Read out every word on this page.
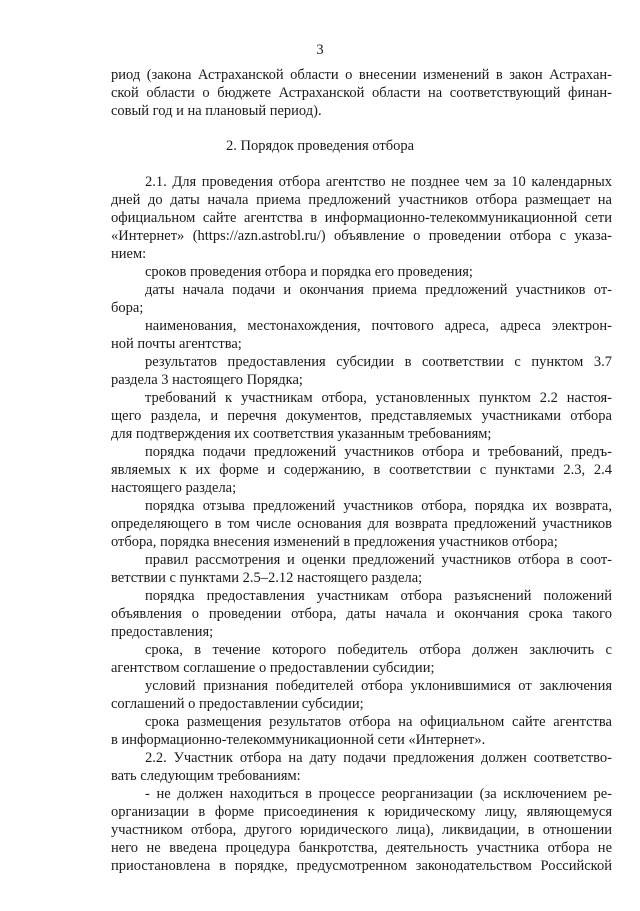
3
риод (закона Астраханской области о внесении изменений в закон Астрахан-
ской области о бюджете Астраханской области на соответствующий финан-
совый год и на плановый период).
2. Порядок проведения отбора
2.1. Для проведения отбора агентство не позднее чем за 10 календарных
дней до даты начала приема предложений участников отбора размещает на
официальном сайте агентства в информационно-телекоммуникационной сети
«Интернет» (https://azn.astrobl.ru/) объявление о проведении отбора с указа-
нием:
сроков проведения отбора и порядка его проведения;
даты начала подачи и окончания приема предложений участников от-
бора;
наименования, местонахождения, почтового адреса, адреса электрон-
ной почты агентства;
результатов предоставления субсидии в соответствии с пунктом 3.7
раздела 3 настоящего Порядка;
требований к участникам отбора, установленных пунктом 2.2 настоя-
щего раздела, и перечня документов, представляемых участниками отбора
для подтверждения их соответствия указанным требованиям;
порядка подачи предложений участников отбора и требований, предъ-
являемых к их форме и содержанию, в соответствии с пунктами 2.3, 2.4
настоящего раздела;
порядка отзыва предложений участников отбора, порядка их возврата,
определяющего в том числе основания для возврата предложений участников
отбора, порядка внесения изменений в предложения участников отбора;
правил рассмотрения и оценки предложений участников отбора в соот-
ветствии с пунктами 2.5–2.12 настоящего раздела;
порядка предоставления участникам отбора разъяснений положений
объявления о проведении отбора, даты начала и окончания срока такого
предоставления;
срока, в течение которого победитель отбора должен заключить с
агентством соглашение о предоставлении субсидии;
условий признания победителей отбора уклонившимися от заключения
соглашений о предоставлении субсидии;
срока размещения результатов отбора на официальном сайте агентства
в информационно-телекоммуникационной сети «Интернет».
2.2. Участник отбора на дату подачи предложения должен соответство-
вать следующим требованиям:
- не должен находиться в процессе реорганизации (за исключением ре-
организации в форме присоединения к юридическому лицу, являющемуся
участником отбора, другого юридического лица), ликвидации, в отношении
него не введена процедура банкротства, деятельность участника отбора не
приостановлена в порядке, предусмотренном законодательством Российской
